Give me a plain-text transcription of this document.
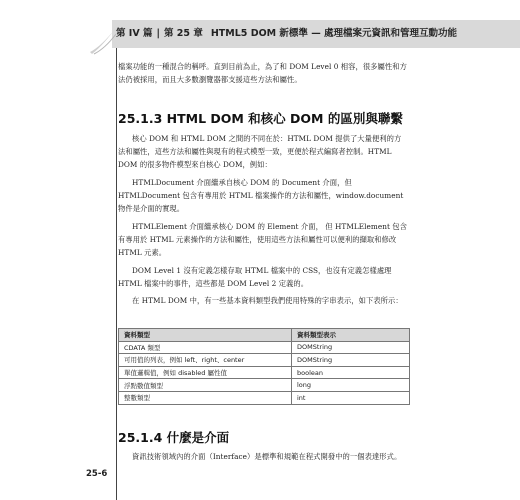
第 IV 篇 | 第 25 章 HTML5 DOM 新標準 — 處理檔案元資訊和管理互動功能

檔案功能的一種混合的稱呼。直到目前為止，為了和 DOM Level 0 相容，很多屬性和方法仍被採用，而且大多數瀏覽器都支援這些方法和屬性。

25.1.3 HTML DOM 和核心 DOM 的區別與聯繫

核心 DOM 和 HTML DOM 之間的不同在於：HTML DOM 提供了大量便利的方法和屬性，這些方法和屬性與現有的程式模型一致，更便於程式編寫者控制。HTML DOM 的很多物件模型來自核心 DOM，例如：

HTMLDocument 介面繼承自核心 DOM 的 Document 介面，但 HTMLDocument 包含有專用於 HTML 檔案操作的方法和屬性，window.document 物件是介面的實現。

HTMLElement 介面繼承核心 DOM 的 Element 介面， 但 HTMLElement 包含有專用於 HTML 元素操作的方法和屬性，使用這些方法和屬性可以便利的擷取和修改 HTML 元素。

DOM Level 1 沒有定義怎樣存取 HTML 檔案中的 CSS，也沒有定義怎樣處理 HTML 檔案中的事件，這些都是 DOM Level 2 定義的。

在 HTML DOM 中，有一些基本資料類型我們使用特殊的字串表示，如下表所示：

資料類型	資料類型表示
CDATA 類型	DOMString
可用值的列表，例如 left、right、center	DOMString
單值邏輯值，例如 disabled 屬性值	boolean
浮點數值類型	long
整數類型	int
25.1.4 什麼是介面

資訊技術領域內的介面（Interface）是標準和規範在程式開發中的一個表達形式。

25-6
